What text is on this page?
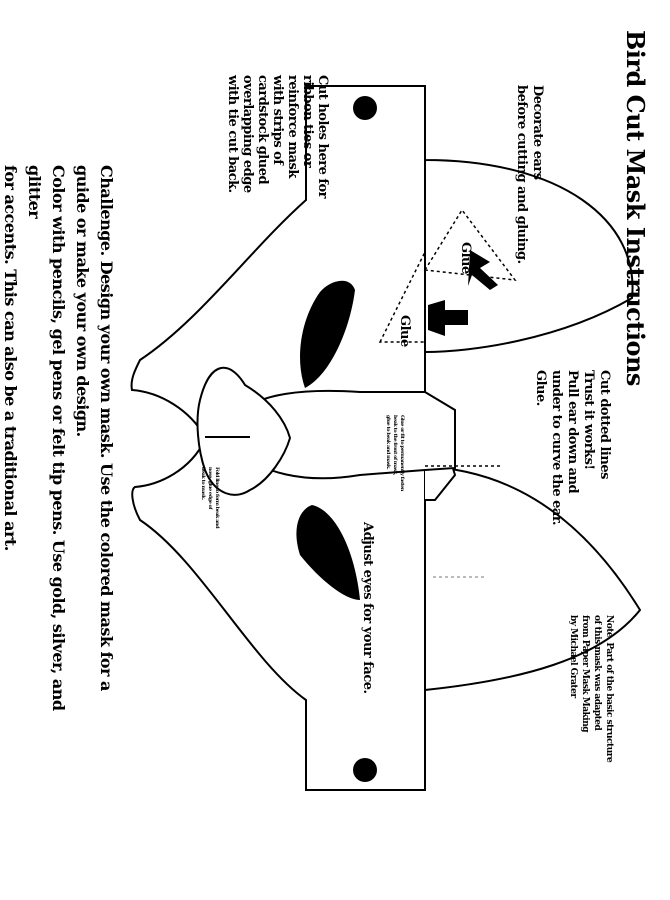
Bird Cut Mask Instructions
Decorate ears
before cutting and gluing.
Cut holes here for
ribbon ties or
reinforce mask
with strips of
cardstock glued
overlapping edge
with tie cut back.
Cut dotted lines
Trust it works!
Pull ear down and
under to curve the ear.
Glue.
Glue
Glue
Adjust eyes for your face.
Glue or fit to permanently fasten
beak to the front of mask,
glue to beak and mask.
Fold line to form beak and
nose, glue edge of
beak to mask.
Note. Part of the basic structure
of this mask was adapted
from Paper Mask Making
by Michael Grater
Challenge. Design your own mask. Use the colored mask for a guide or make your own design.
Color with pencils, gel pens or felt tip pens. Use gold, silver, and glitter
for accents. This can also be a traditional art.
